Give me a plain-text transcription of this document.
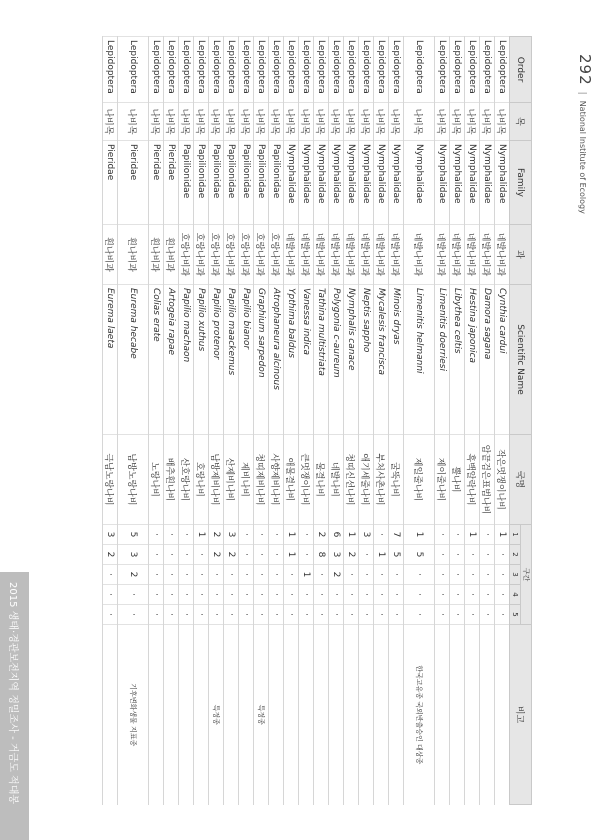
292
|
National Institute of Ecology
Order	목	Family	과	Scientific Name	국명	구간					비고
						1	2	3	4	5	
Lepidoptera	나비목	Nymphalidae	네발나비과	Cynthia cardui	작은멋쟁이나비	1	·	·	·	·	
Lepidoptera	나비목	Nymphalidae	네발나비과	Damora sagana	암끝검은표범나비	·	·	·	·	·	
Lepidoptera	나비목	Nymphalidae	네발나비과	Hestina japonica	흑백알락나비	1	·	·	·	·	
Lepidoptera	나비목	Nymphalidae	네발나비과	Libythea celtis	뿔나비	·	·	·	·	·	
Lepidoptera	나비목	Nymphalidae	네발나비과	Limenitis doerriesi	제이줄나비	·	·	·	·	·	
Lepidoptera	나비목	Nymphalidae	네발나비과	Limenitis helmanni	제일줄나비	1	5	·	·	·	한국고유종 국외반출승인 대상종
Lepidoptera	나비목	Nymphalidae	네발나비과	Minois dryas	굴뚝나비	7	5	·	·	·	
Lepidoptera	나비목	Nymphalidae	네발나비과	Mycalesis francisca	부처사촌나비	·	1	·	·	·	
Lepidoptera	나비목	Nymphalidae	네발나비과	Neptis sappho	애기세줄나비	3	·	·	·	·	
Lepidoptera	나비목	Nymphalidae	네발나비과	Nymphalis canace	청띠신선나비	1	2	·	·	·	
Lepidoptera	나비목	Nymphalidae	네발나비과	Polygonia c-aureum	네발나비	6	3	2	·	·	
Lepidoptera	나비목	Nymphalidae	네발나비과	Tathina multistriata	물결나비	2	8	·	·	·	
Lepidoptera	나비목	Nymphalidae	네발나비과	Vanessa indica	큰멋쟁이나비	·	·	1	·	·	
Lepidoptera	나비목	Nymphalidae	네발나비과	Ypthima baldus	애물결나비	1	1	·	·	·	
Lepidoptera	나비목	Papilionidae	호랑나비과	Atrophaneura alcinous	사향제비나비	·	·	·	·	·	
Lepidoptera	나비목	Papilionidae	호랑나비과	Graphium sarpedon	청띠제비나비	·	·	·	·	·	특정종
Lepidoptera	나비목	Papilionidae	호랑나비과	Papilio bianor	제비나비	·	·	·	·	·	
Lepidoptera	나비목	Papilionidae	호랑나비과	Papilio maackemus	산제비나비	3	2	·	·	·	
Lepidoptera	나비목	Papilionidae	호랑나비과	Papilio protenor	남방제비나비	2	2	·	·	·	특정종
Lepidoptera	나비목	Papilionidae	호랑나비과	Papilio xuthus	호랑나비	1	·	·	·	·	
Lepidoptera	나비목	Papilionidae	호랑나비과	Papilio machaon	산호랑나비	·	·	·	·	·	
Lepidoptera	나비목	Pieridae	흰나비과	Artogeia rapae	배추흰나비	·	·	·	·	·	
Lepidoptera	나비목	Pieridae	흰나비과	Colias erate	노랑나비	·	·	·	·	·	
Lepidoptera	나비목	Pieridae	흰나비과	Eurema hecabe	남방노랑나비	5	3	2	·	·	기후변화생물 지표종
Lepidoptera	나비목	Pieridae	흰나비과	Eurema laeta	극남노랑나비	3	2	·	·	·	
2015 생태·경관보전지역 정밀조사 - 거금도 적대봉
